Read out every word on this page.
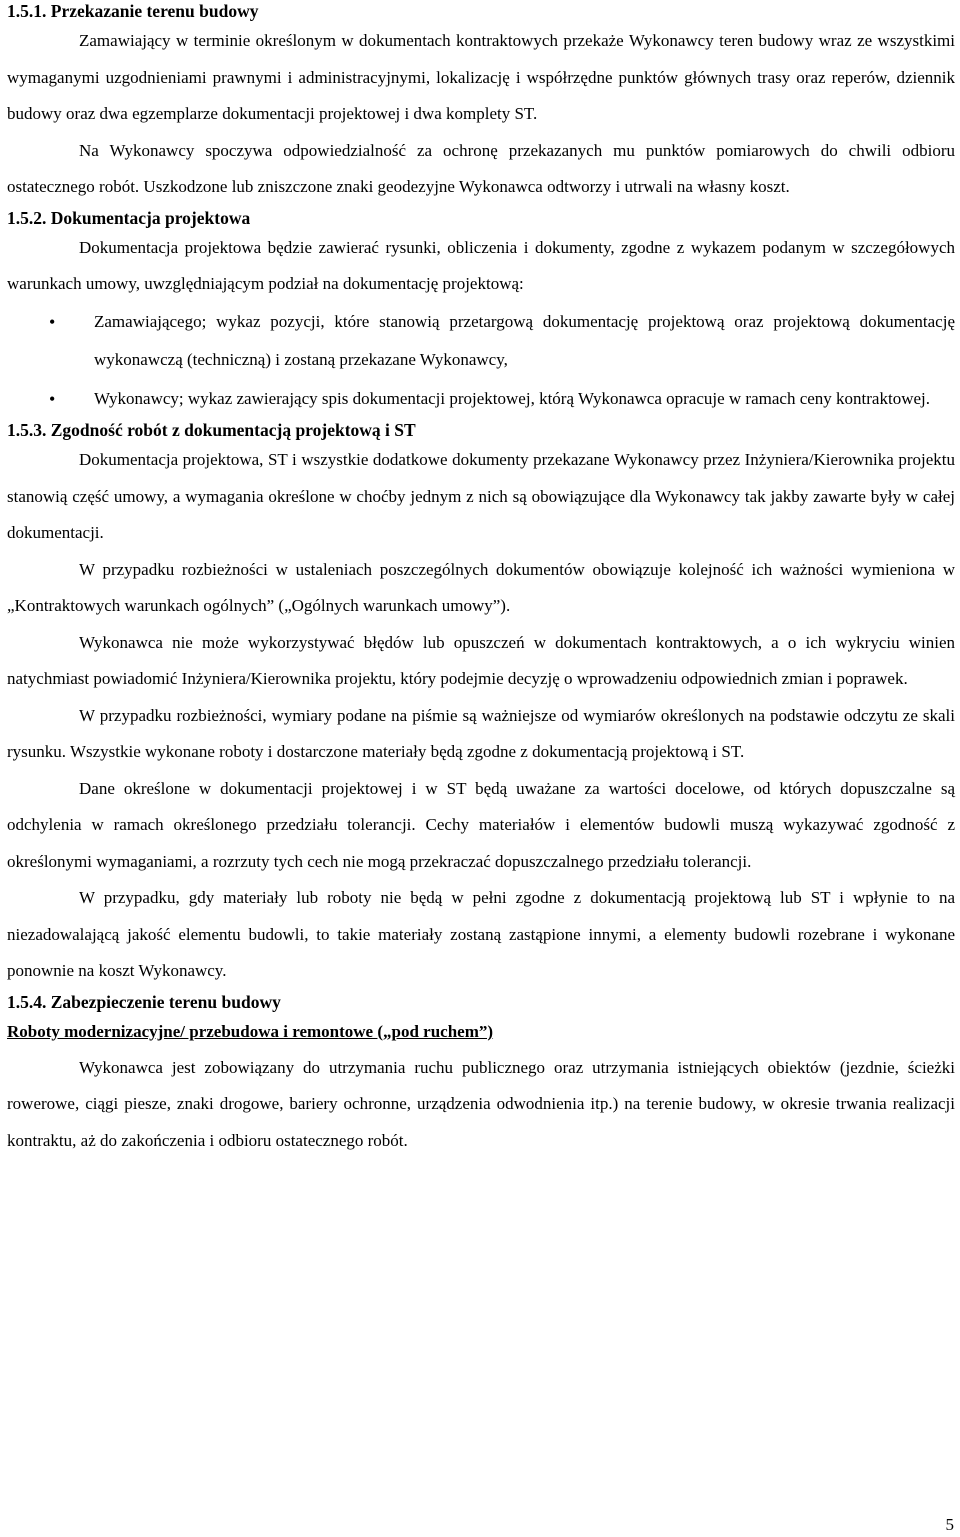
1.5.1. Przekazanie terenu budowy

Zamawiający w terminie określonym w dokumentach kontraktowych przekaże Wykonawcy teren budowy wraz ze wszystkimi wymaganymi uzgodnieniami prawnymi i administracyjnymi, lokalizację i współrzędne punktów głównych trasy oraz reperów, dziennik budowy oraz dwa egzemplarze dokumentacji projektowej i dwa komplety ST.

Na Wykonawcy spoczywa odpowiedzialność za ochronę przekazanych mu punktów pomiarowych do chwili odbioru ostatecznego robót. Uszkodzone lub zniszczone znaki geodezyjne Wykonawca odtworzy i utrwali na własny koszt.

1.5.2. Dokumentacja projektowa

Dokumentacja projektowa będzie zawierać rysunki, obliczenia i dokumenty, zgodne z wykazem podanym w szczegółowych warunkach umowy, uwzględniającym podział na dokumentację projektową:

• Zamawiającego; wykaz pozycji, które stanowią przetargową dokumentację projektową oraz projektową dokumentację wykonawczą (techniczną) i zostaną przekazane Wykonawcy,
• Wykonawcy; wykaz zawierający spis dokumentacji projektowej, którą Wykonawca opracuje w ramach ceny kontraktowej.
1.5.3. Zgodność robót z dokumentacją projektową i ST

Dokumentacja projektowa, ST i wszystkie dodatkowe dokumenty przekazane Wykonawcy przez Inżyniera/Kierownika projektu stanowią część umowy, a wymagania określone w choćby jednym z nich są obowiązujące dla Wykonawcy tak jakby zawarte były w całej dokumentacji.

W przypadku rozbieżności w ustaleniach poszczególnych dokumentów obowiązuje kolejność ich ważności wymieniona w „Kontraktowych warunkach ogólnych” („Ogólnych warunkach umowy”).

Wykonawca nie może wykorzystywać błędów lub opuszczeń w dokumentach kontraktowych, a o ich wykryciu winien natychmiast powiadomić Inżyniera/Kierownika projektu, który podejmie decyzję o wprowadzeniu odpowiednich zmian i poprawek.

W przypadku rozbieżności, wymiary podane na piśmie są ważniejsze od wymiarów określonych na podstawie odczytu ze skali rysunku. Wszystkie wykonane roboty i dostarczone materiały będą zgodne z dokumentacją projektową i ST.

Dane określone w dokumentacji projektowej i w ST będą uważane za wartości docelowe, od których dopuszczalne są odchylenia w ramach określonego przedziału tolerancji. Cechy materiałów i elementów budowli muszą wykazywać zgodność z określonymi wymaganiami, a rozrzuty tych cech nie mogą przekraczać dopuszczalnego przedziału tolerancji.

W przypadku, gdy materiały lub roboty nie będą w pełni zgodne z dokumentacją projektową lub ST i wpłynie to na niezadowalającą jakość elementu budowli, to takie materiały zostaną zastąpione innymi, a elementy budowli rozebrane i wykonane ponownie na koszt Wykonawcy.

1.5.4. Zabezpieczenie terenu budowy

Roboty modernizacyjne/ przebudowa i remontowe („pod ruchem”)

Wykonawca jest zobowiązany do utrzymania ruchu publicznego oraz utrzymania istniejących obiektów (jezdnie, ścieżki rowerowe, ciągi piesze, znaki drogowe, bariery ochronne, urządzenia odwodnienia itp.) na terenie budowy, w okresie trwania realizacji kontraktu, aż do zakończenia i odbioru ostatecznego robót.

5
